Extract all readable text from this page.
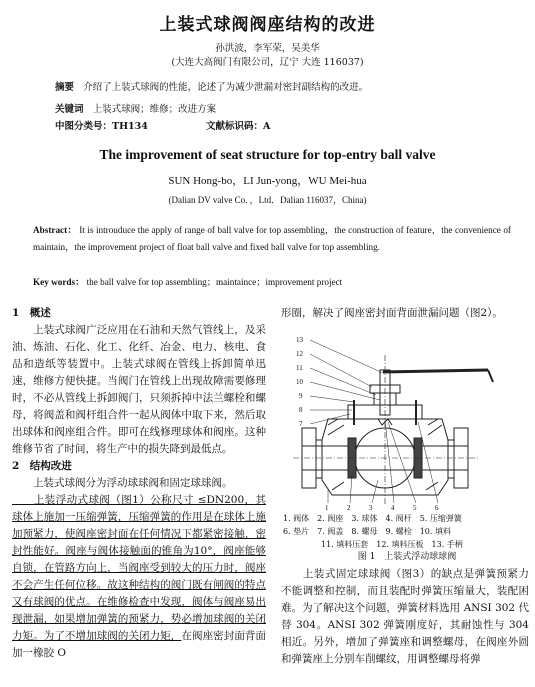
上装式球阀阀座结构的改进
孙洪波，李军荣，吴美华
(大连大高阀门有限公司，辽宁 大连 116037)
摘要 介绍了上装式球阀的性能，论述了为减少泄漏对密封副结构的改进。
关键词 上装式球阀；维修；改进方案
中图分类号：TH134	文献标识码：A
The improvement of seat structure for top-entry ball valve
SUN Hong-bo，LI Jun-yong，WU Mei-hua
(Dalian DV valve Co．，Ltd．Dalian 116037，China)
Abstract： It is introuduce the apply of range of ball valve for top assembling，the construction of feature，the convenience of maintain，the improvement project of float ball valve and fixed ball valve for top assembling.
Key words： the ball valve for top assembling；maintaince；improvement project
1　概述
　　上装式球阀广泛应用在石油和天然气管线上，及采油、炼油、石化、化工、化纤、冶金、电力、核电、食品和造纸等装置中。上装式球阀在管线上拆卸简单迅速，维修方便快捷。当阀门在管线上出现故障需要修理时，不必从管线上拆卸阀门，只须拆掉中法兰螺栓和螺母，将阀盖和阀杆组合件一起从阀体中取下来，然后取出球体和阀座组合件。即可在线修理球体和阀座。这种维修节省了时间，将生产中的损失降到最低点。
2　结构改进
　　上装式球阀分为浮动球球阀和固定球球阀。
　　上装浮动式球阀（图1）公称尺寸 ≤DN200，其球体上施加一压缩弹簧，压缩弹簧的作用是在球体上施加预紧力，使阀座密封面在任何情况下都紧密接触，密封性能好。阀座与阀体接触面的锥角为10°，阀座能够自锁，在管路方向上，当阀座受到较大的压力时，阀座不会产生任何位移。故这种结构的阀门既有闸阀的特点又有球阀的优点。在维修检查中发现，阀体与阀座易出现泄漏，如果增加弹簧的预紧力，势必增加球阀的关闭力矩。为了不增加球阀的关闭力矩，在阀座密封面背面加一橡胶 O
形圈，解决了阀座密封面背面泄漏问题（图2）。
13
12
11
10
9
8
7
1	2	3	4	5	6
1. 阀体　2. 阀座　3. 球体　4. 阀杆　5. 压缩弹簧
6. 垫片　7. 阀盖　8. 螺母　9. 螺栓　10. 填料
11. 填料压套　12. 填料压板　13. 手柄
图 1　上装式浮动球球阀
　　上装式固定球球阀（图3）的缺点是弹簧预紧力不能调整和控制，而且装配时弹簧压缩量大，装配困难。为了解决这个问题，弹簧材料选用 ANSI 302 代替 304。ANSI 302 弹簧刚度好，其耐蚀性与 304 相近。另外，增加了弹簧座和调整螺母，在阀座外圆和弹簧座上分别车削螺纹，用调整螺母将弹
